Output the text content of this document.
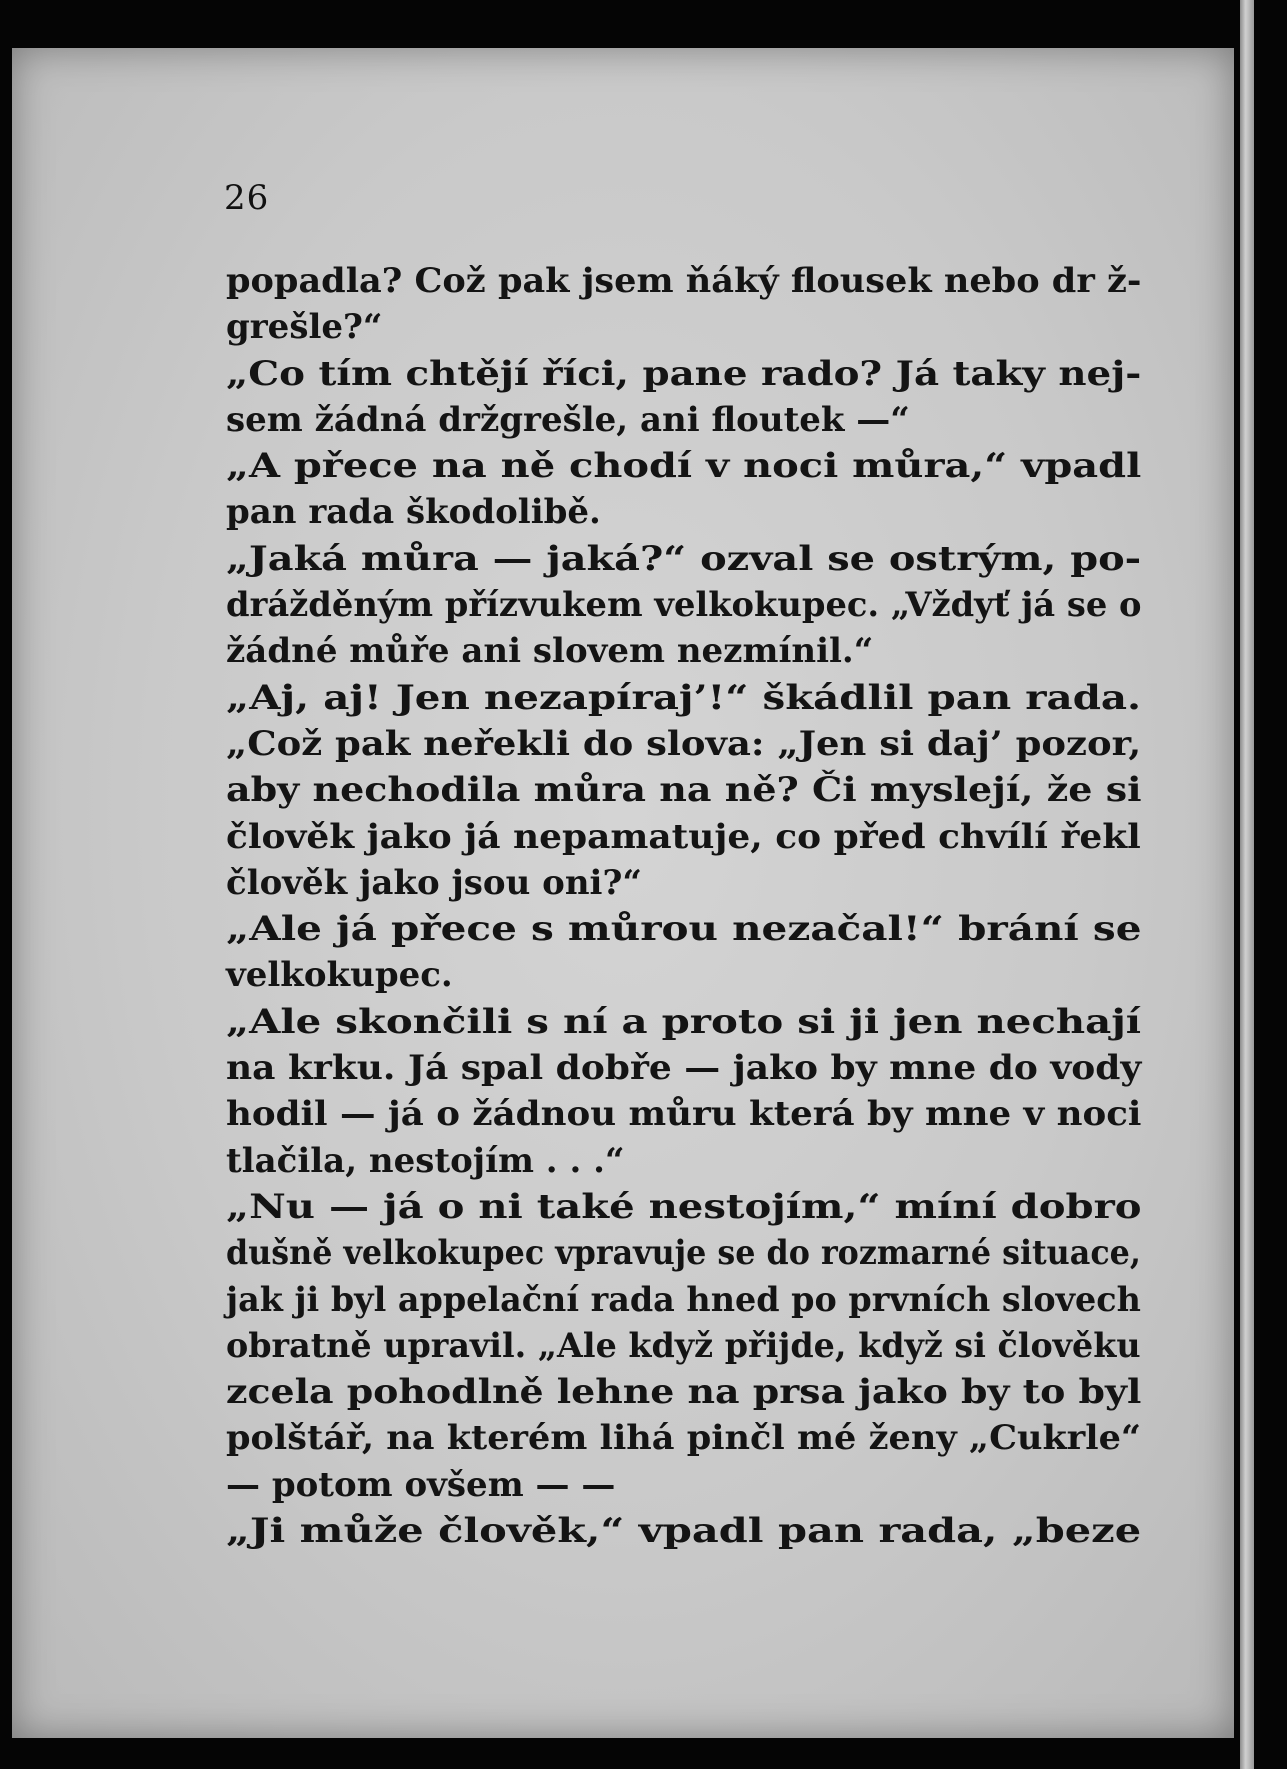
26
popadla? Což pak jsem ňáký flousek nebo dr ž-
grešle?“
„Co tím chtějí říci, pane rado? Já taky nej-
sem žádná držgrešle, ani floutek —“
„A přece na ně chodí v noci můra,“ vpadl
pan rada škodolibě.
„Jaká můra — jaká?“ ozval se ostrým, po-
drážděným přízvukem velkokupec. „Vždyť já se o
žádné můře ani slovem nezmínil.“
„Aj, aj! Jen nezapíraj’!“ škádlil pan rada.
„Což pak neřekli do slova: „Jen si daj’ pozor,
aby nechodila můra na ně? Či myslejí, že si
člověk jako já nepamatuje, co před chvílí řekl
člověk jako jsou oni?“
„Ale já přece s můrou nezačal!“ brání se
velkokupec.
„Ale skončili s ní a proto si ji jen nechají
na krku. Já spal dobře — jako by mne do vody
hodil — já o žádnou můru která by mne v noci
tlačila, nestojím . . .“
„Nu — já o ni také nestojím,“ míní dobro
dušně velkokupec vpravuje se do rozmarné situace,
jak ji byl appelační rada hned po prvních slovech
obratně upravil. „Ale když přijde, když si člověku
zcela pohodlně lehne na prsa jako by to byl
polštář, na kterém lihá pinčl mé ženy „Cukrle“
— potom ovšem — —
„Ji může člověk,“ vpadl pan rada, „beze
